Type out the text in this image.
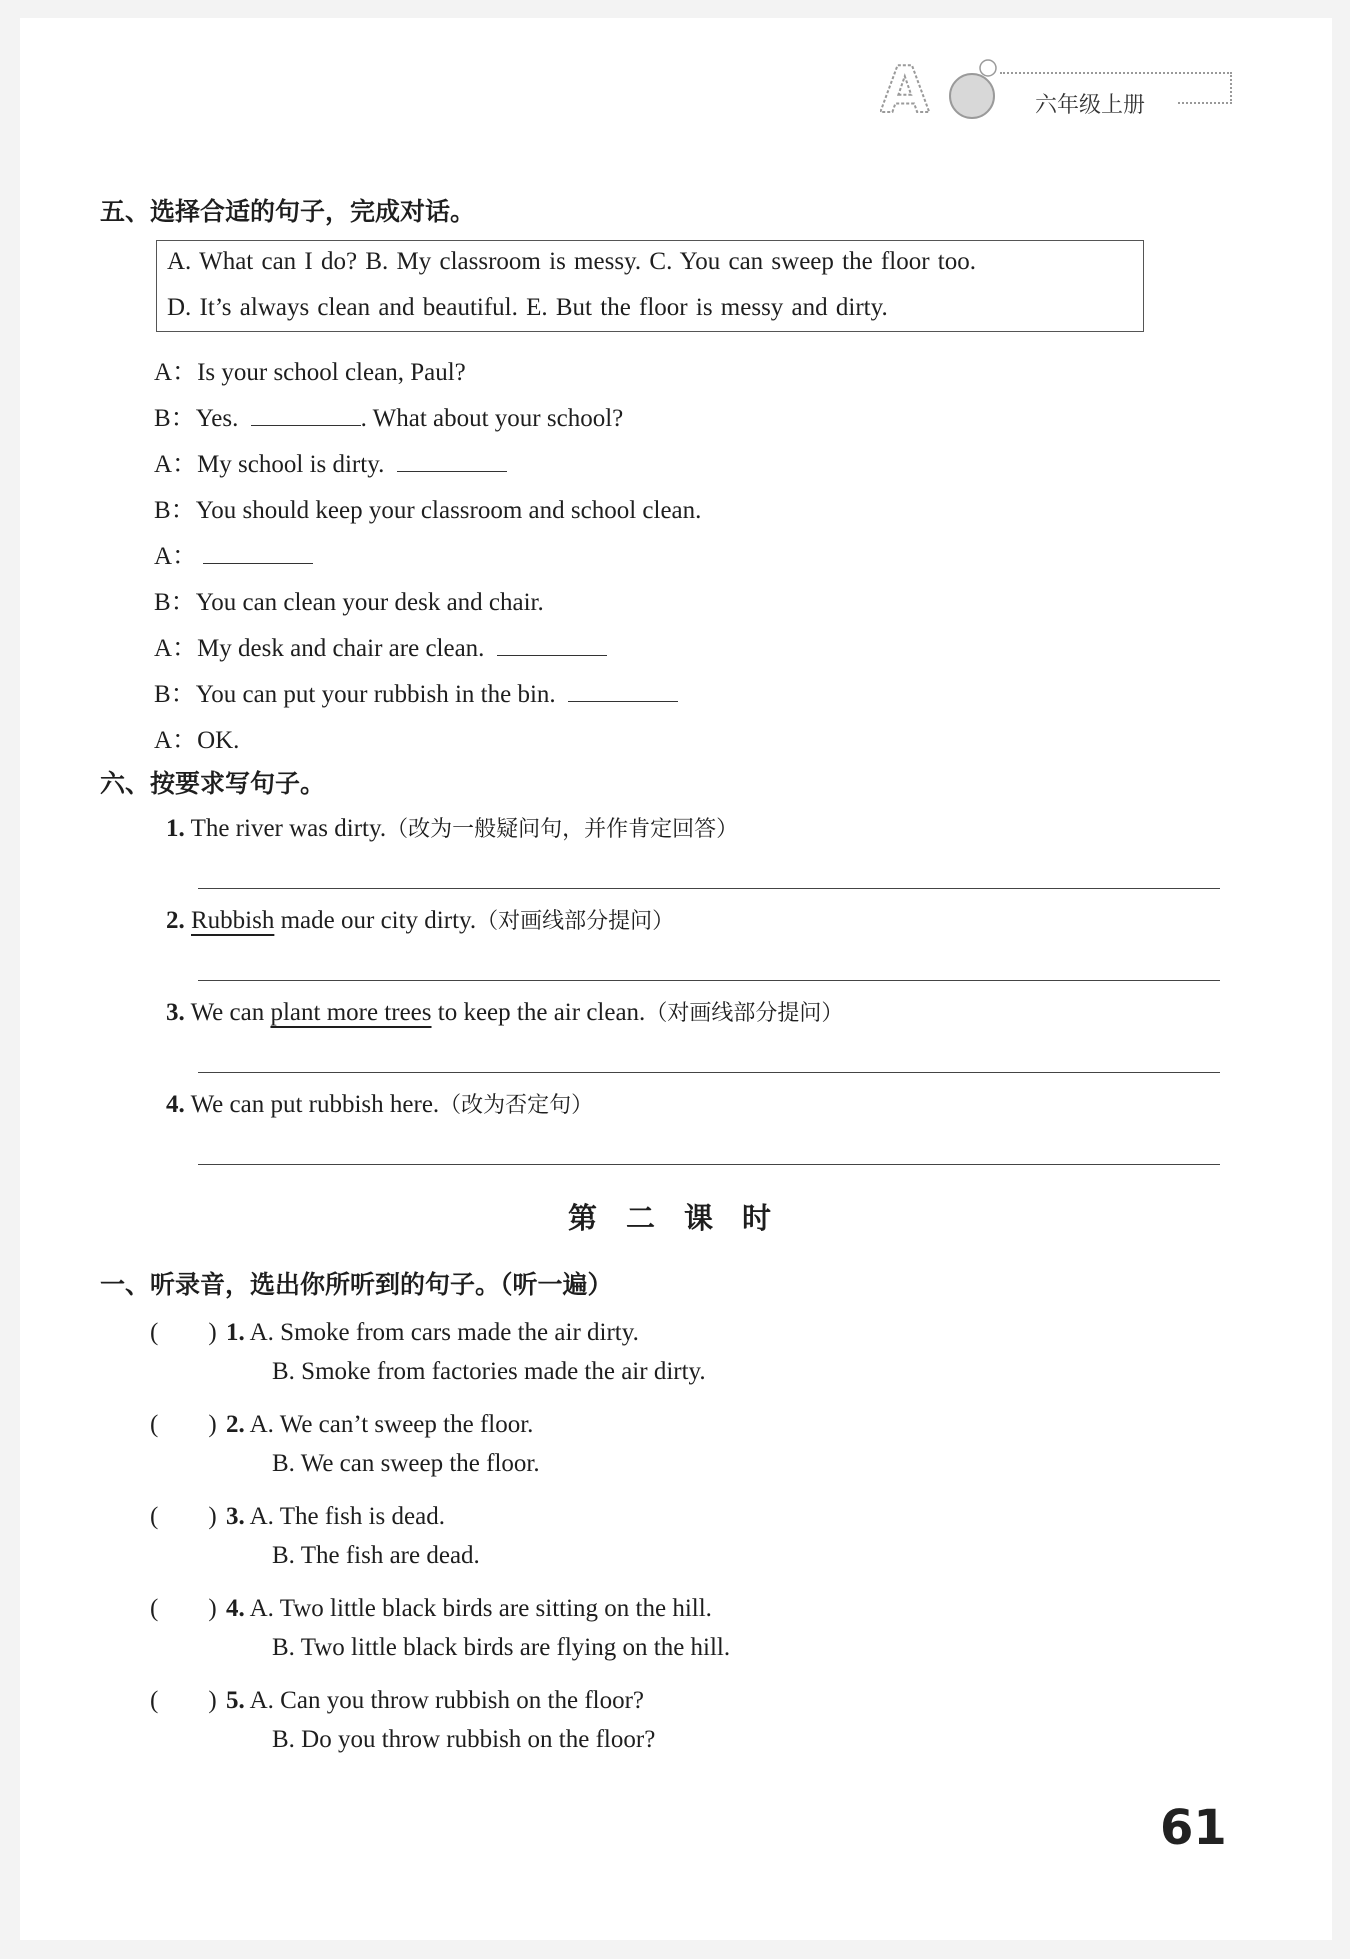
A	六年级上册
五、选择合适的句子，完成对话。
A. What can I do? B. My classroom is messy. C. You can sweep the floor too.
D. It’s always clean and beautiful. E. But the floor is messy and dirty.
A：Is your school clean, Paul?
B：Yes.	. What about your school?
A：My school is dirty.
B：You should keep your classroom and school clean.
A：
B：You can clean your desk and chair.
A：My desk and chair are clean.
B：You can put your rubbish in the bin.
A：OK.
六、按要求写句子。
1. The river was dirty.（改为一般疑问句，并作肯定回答）
2. Rubbish made our city dirty.（对画线部分提问）
3. We can plant more trees to keep the air clean.（对画线部分提问）
4. We can put rubbish here.（改为否定句）
第　二　课　时
一、听录音，选出你所听到的句子。（听一遍）
(　　) 1. A. Smoke from cars made the air dirty.
B. Smoke from factories made the air dirty.
(　　) 2. A. We can’t sweep the floor.
B. We can sweep the floor.
(　　) 3. A. The fish is dead.
B. The fish are dead.
(　　) 4. A. Two little black birds are sitting on the hill.
B. Two little black birds are flying on the hill.
(　　) 5. A. Can you throw rubbish on the floor?
B. Do you throw rubbish on the floor?
61
